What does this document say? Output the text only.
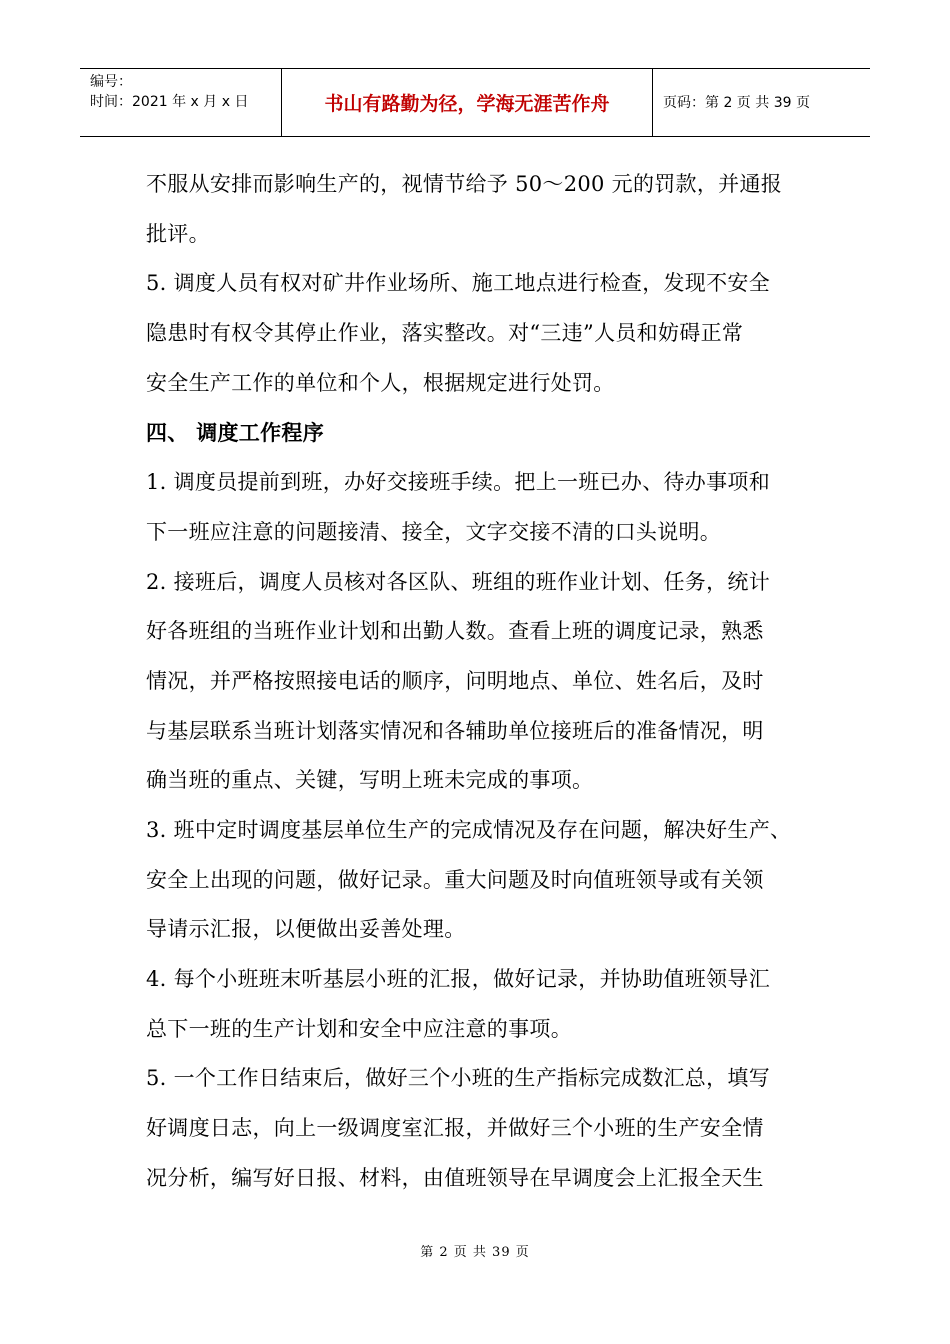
编号：
时间：2021 年 x 月 x 日	书山有路勤为径，学海无涯苦作舟	页码：第 2 页 共 39 页
不服从安排而影响生产的，视情节给予 50～200 元的罚款，并通报
批评。
5. 调度人员有权对矿井作业场所、施工地点进行检查，发现不安全
隐患时有权令其停止作业，落实整改。对“三违”人员和妨碍正常
安全生产工作的单位和个人，根据规定进行处罚。
四、 调度工作程序
1. 调度员提前到班，办好交接班手续。把上一班已办、待办事项和
下一班应注意的问题接清、接全，文字交接不清的口头说明。
2. 接班后，调度人员核对各区队、班组的班作业计划、任务，统计
好各班组的当班作业计划和出勤人数。查看上班的调度记录，熟悉
情况，并严格按照接电话的顺序，问明地点、单位、姓名后，及时
与基层联系当班计划落实情况和各辅助单位接班后的准备情况，明
确当班的重点、关键，写明上班未完成的事项。
3. 班中定时调度基层单位生产的完成情况及存在问题，解决好生产、
安全上出现的问题，做好记录。重大问题及时向值班领导或有关领
导请示汇报，以便做出妥善处理。
4. 每个小班班末听基层小班的汇报，做好记录，并协助值班领导汇
总下一班的生产计划和安全中应注意的事项。
5. 一个工作日结束后，做好三个小班的生产指标完成数汇总，填写
好调度日志，向上一级调度室汇报，并做好三个小班的生产安全情
况分析，编写好日报、材料，由值班领导在早调度会上汇报全天生
第 2 页 共 39 页
